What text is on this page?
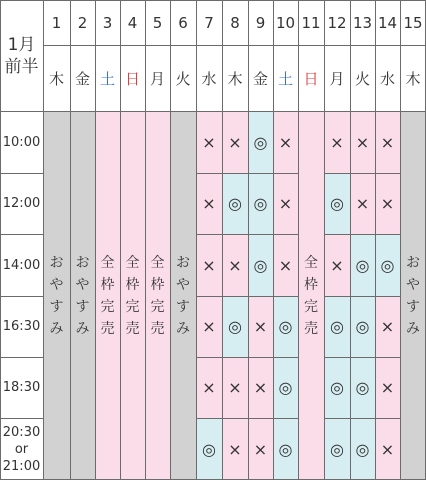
1月
前半
1
木
2
金
3
土
4
日
5
月
6
火
7
水
8
木
9
金
10
土
11
日
12
月
13
火
14
水
15
木
10:00
12:00
14:00
16:30
18:30
20:30
or
21:00
お
や
す
み
お
や
す
み
全
枠
完
売
全
枠
完
売
全
枠
完
売
お
や
す
み
×
×
×
×
×
◎
×
◎
×
◎
×
×
◎
◎
◎
×
×
×
×
×
×
◎
◎
◎
全
枠
完
売
×
◎
×
◎
◎
◎
×
×
◎
◎
◎
◎
×
×
◎
×
×
×
お
や
す
み
